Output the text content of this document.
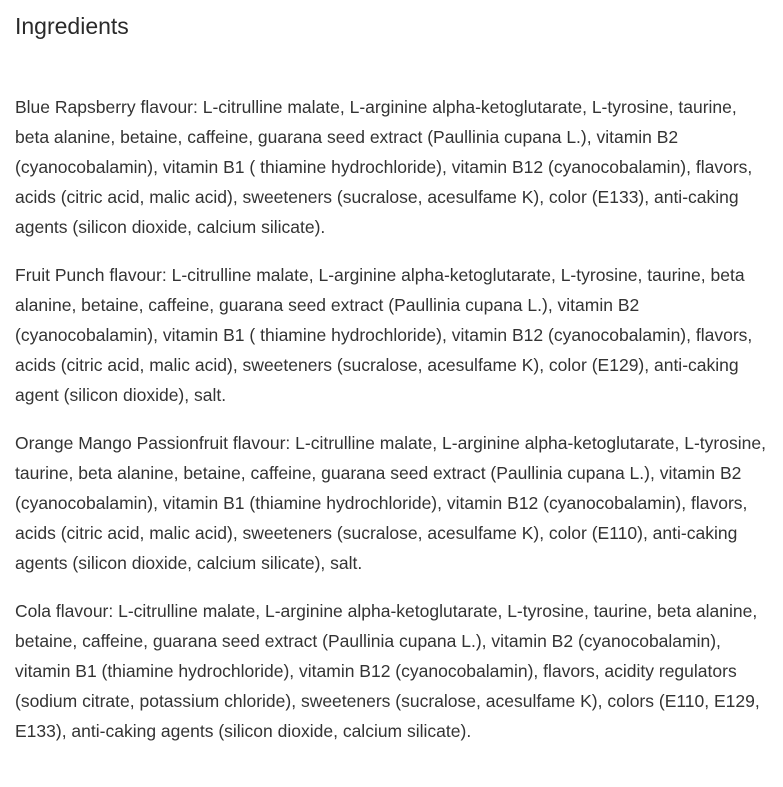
Ingredients

Blue Rapsberry flavour: L-citrulline malate, L-arginine alpha-ketoglutarate, L-tyrosine, taurine, beta alanine, betaine, caffeine, guarana seed extract (Paullinia cupana L.), vitamin B2 (cyanocobalamin), vitamin B1 ( thiamine hydrochloride), vitamin B12 (cyanocobalamin), flavors, acids (citric acid, malic acid), sweeteners (sucralose, acesulfame K), color (E133), anti-caking agents (silicon dioxide, calcium silicate).

Fruit Punch flavour: L-citrulline malate, L-arginine alpha-ketoglutarate, L-tyrosine, taurine, beta alanine, betaine, caffeine, guarana seed extract (Paullinia cupana L.), vitamin B2 (cyanocobalamin), vitamin B1 ( thiamine hydrochloride), vitamin B12 (cyanocobalamin), flavors, acids (citric acid, malic acid), sweeteners (sucralose, acesulfame K), color (E129), anti-caking agent (silicon dioxide), salt.

Orange Mango Passionfruit flavour: L-citrulline malate, L-arginine alpha-ketoglutarate, L-tyrosine, taurine, beta alanine, betaine, caffeine, guarana seed extract (Paullinia cupana L.), vitamin B2 (cyanocobalamin), vitamin B1 (thiamine hydrochloride), vitamin B12 (cyanocobalamin), flavors, acids (citric acid, malic acid), sweeteners (sucralose, acesulfame K), color (E110), anti-caking agents (silicon dioxide, calcium silicate), salt.

Cola flavour: L-citrulline malate, L-arginine alpha-ketoglutarate, L-tyrosine, taurine, beta alanine, betaine, caffeine, guarana seed extract (Paullinia cupana L.), vitamin B2 (cyanocobalamin), vitamin B1 (thiamine hydrochloride), vitamin B12 (cyanocobalamin), flavors, acidity regulators (sodium citrate, potassium chloride), sweeteners (sucralose, acesulfame K), colors (E110, E129, E133), anti-caking agents (silicon dioxide, calcium silicate).
